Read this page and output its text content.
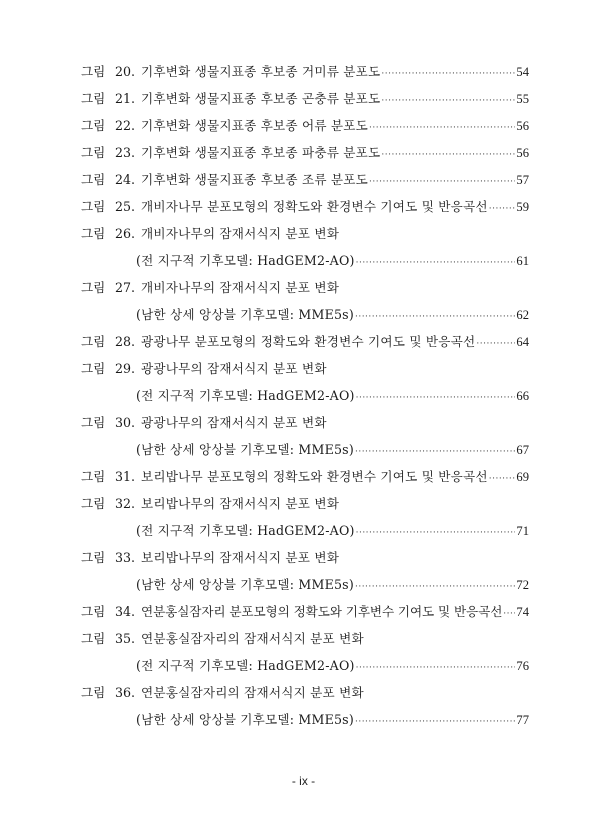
그림 20. 기후변화 생물지표종 후보종 거미류 분포도 ·····	54
그림 21. 기후변화 생물지표종 후보종 곤충류 분포도 ·····	55
그림 22. 기후변화 생물지표종 후보종 어류 분포도 ·····	56
그림 23. 기후변화 생물지표종 후보종 파충류 분포도 ·····	56
그림 24. 기후변화 생물지표종 후보종 조류 분포도 ·····	57
그림 25. 개비자나무 분포모형의 정확도와 환경변수 기여도 및 반응곡선 ····· 59
그림 26. 개비자나무의 잠재서식지 분포 변화
(전 지구적 기후모델: HadGEM2-AO) ·····	61
그림 27. 개비자나무의 잠재서식지 분포 변화
(남한 상세 앙상블 기후모델: MME5s) ·····	62
그림 28. 광광나무 분포모형의 정확도와 환경변수 기여도 및 반응곡선 ·····	64
그림 29. 광광나무의 잠재서식지 분포 변화
(전 지구적 기후모델: HadGEM2-AO) ·····	66
그림 30. 광광나무의 잠재서식지 분포 변화
(남한 상세 앙상블 기후모델: MME5s) ·····	67
그림 31. 보리밥나무 분포모형의 정확도와 환경변수 기여도 및 반응곡선 ····· 69
그림 32. 보리밥나무의 잠재서식지 분포 변화
(전 지구적 기후모델: HadGEM2-AO) ·····	71
그림 33. 보리밥나무의 잠재서식지 분포 변화
(남한 상세 앙상블 기후모델: MME5s) ·····	72
그림 34. 연분홍실잠자리 분포모형의 정확도와 기후변수 기여도 및 반응곡선 ····· 74
그림 35. 연분홍실잠자리의 잠재서식지 분포 변화
(전 지구적 기후모델: HadGEM2-AO) ·····	76
그림 36. 연분홍실잠자리의 잠재서식지 분포 변화
(남한 상세 앙상블 기후모델: MME5s) ·····	77
- ix -
